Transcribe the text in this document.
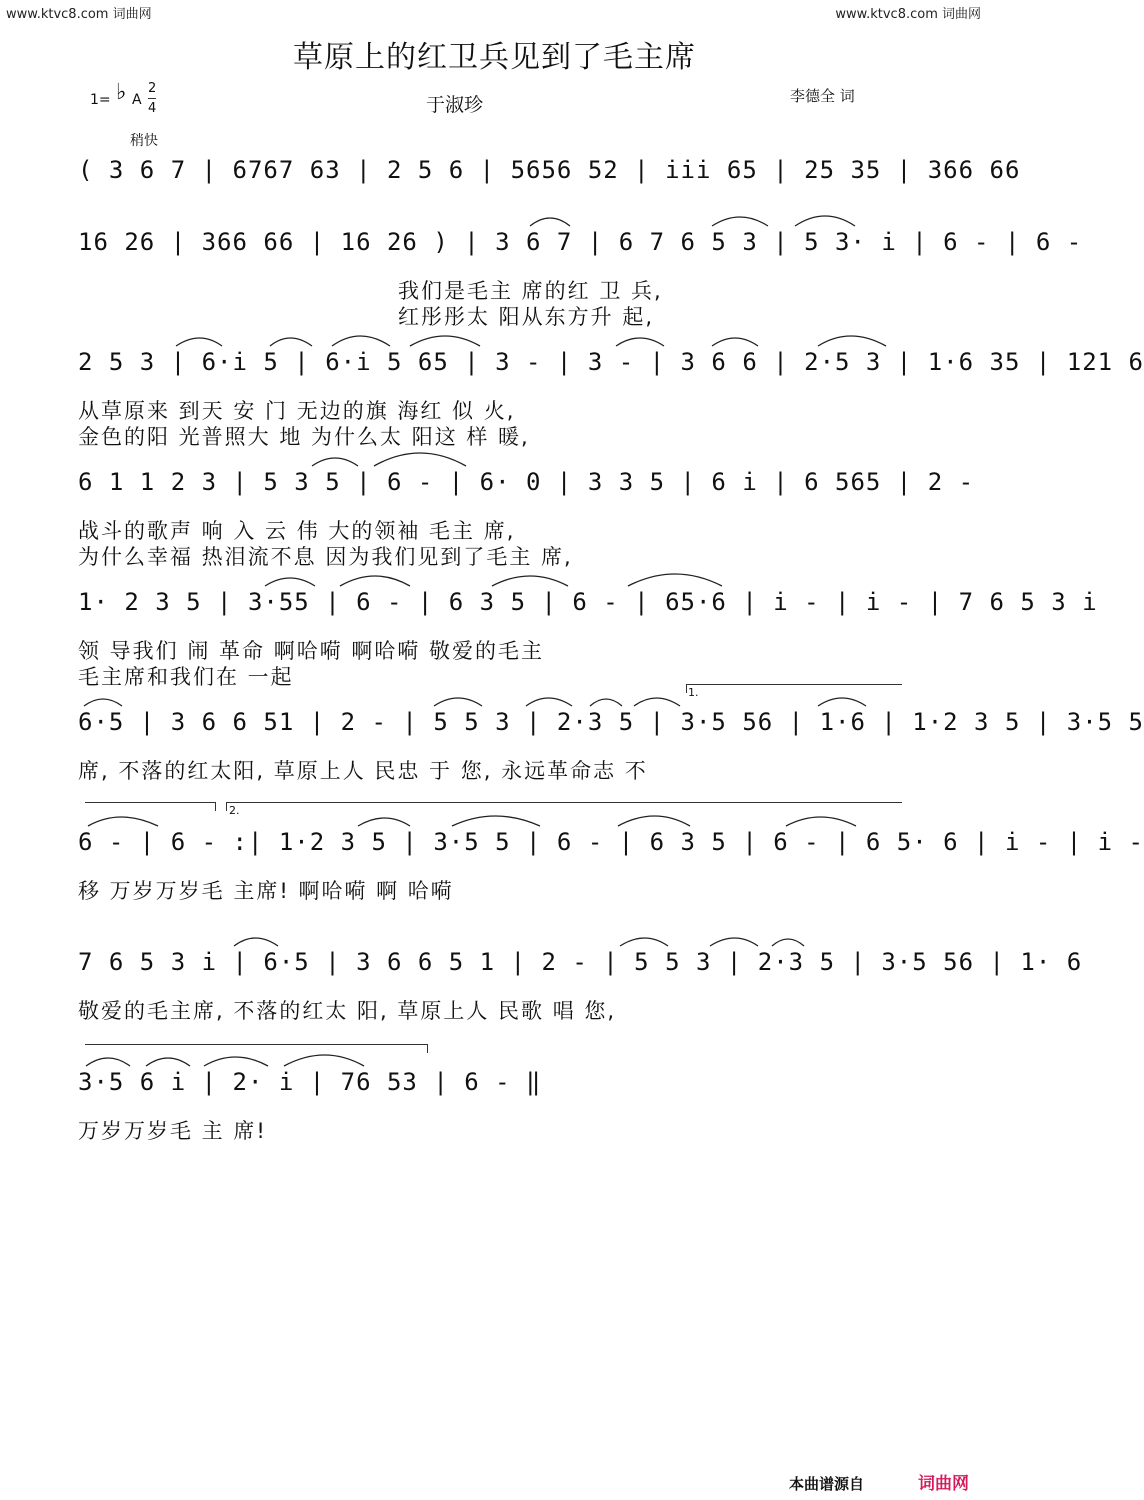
www.ktvc8.com 词曲网	www.ktvc8.com 词曲网
草原上的红卫兵见到了毛主席
1= ♭ A
2
4	于淑珍	李德全 词
稍快
( 3 6 7 | 6767 63 | 2 5 6 | 5656 52 | i̇i̇i̇ 65 | 25 35 | 366 66
16 26 | 366 66 | 16 26 ) | 3 6 7 | 6 7 6 5 3 | 5 3· i̇ | 6 - | 6 -
2 5 3 | 6·i̇ 5 | 6·i̇ 5 65 | 3 - | 3 - | 3 6 6 | 2·5 3 | 1·6 35 | 121 6
6 1 1 2 3 | 5 3 5 | 6 - | 6· 0 | 3 3 5 | 6 i̇ | 6 565 | 2 -
1· 2 3 5 | 3·55 | 6 - | 6 3 5 | 6 - | 65·6 | i̇ - | i̇ - | 7 6 5 3 i̇
6·5 | 3 6 6 51 | 2 - | 5 5 3 | 2·3 5 | 3·5 56 | 1·6 | 1·2 3 5 | 3·5 5
6 - | 6 - :| 1·2 3 5 | 3·5 5 | 6 - | 6 3 5 | 6 - | 6 5· 6 | i̇ - | i̇ -
7 6 5 3 i̇ | 6·5 | 3 6 6 5 1 | 2 - | 5 5 3 | 2·3 5 | 3·5 56 | 1· 6
3·5 6 i̇ | 2· i̇ | 76 53 | 6 - ‖
我们是毛主 席的红 卫 兵,
红彤彤太 阳从东方升 起,
从草原来 到天 安 门 无边的旗 海红 似 火,
金色的阳 光普照大 地 为什么太 阳这 样 暖,
战斗的歌声 响 入 云 伟 大的领袖 毛主 席,
为什么幸福 热泪流不息 因为我们见到了毛主 席,
领 导我们 闹 革命 啊哈嗬 啊哈嗬 敬爱的毛主
毛主席和我们在 一起
席, 不落的红太阳, 草原上人 民忠 于 您, 永远革命志 不
移 万岁万岁毛 主席! 啊哈嗬 啊 哈嗬
敬爱的毛主席, 不落的红太 阳, 草原上人 民歌 唱 您,
万岁万岁毛 主 席!
1.
2.
本曲谱源自	词曲网
